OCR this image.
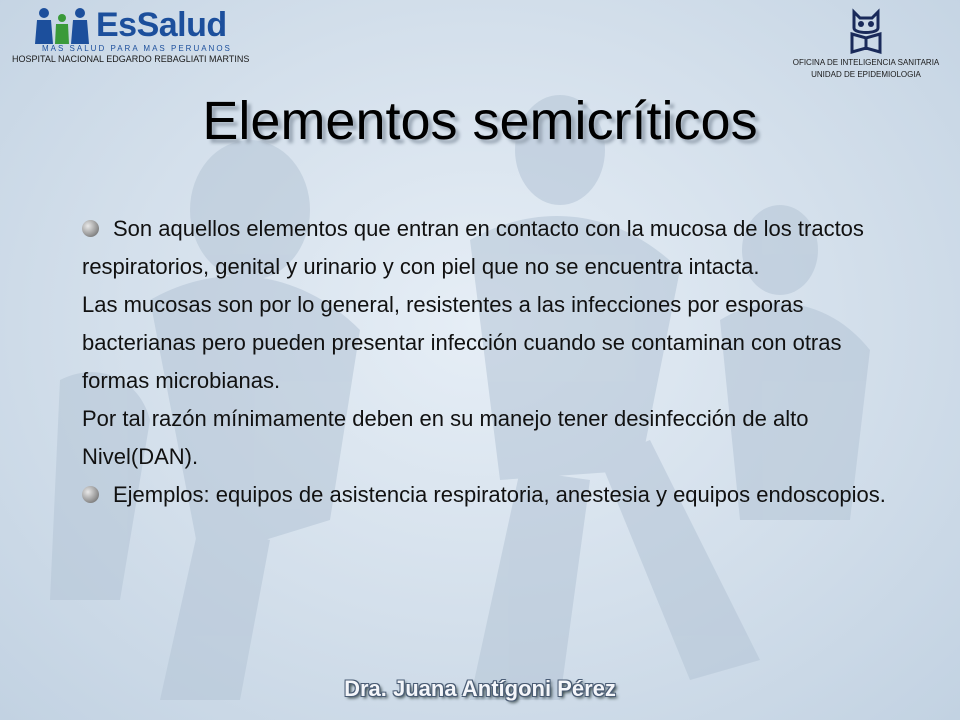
EsSalud
MAS SALUD PARA MAS PERUANOS
HOSPITAL NACIONAL EDGARDO REBAGLIATI MARTINS	OFICINA DE INTELIGENCIA SANITARIA
UNIDAD DE EPIDEMIOLOGIA
Elementos semicríticos

Son aquellos elementos que entran en contacto con la mucosa de los tractos respiratorios, genital y urinario y con piel que no se encuentra intacta.

Las mucosas son por lo general, resistentes a las infecciones por esporas bacterianas pero pueden presentar infección cuando se contaminan con otras formas microbianas.

Por tal razón mínimamente deben en su manejo tener desinfección de alto Nivel(DAN).

Ejemplos: equipos de asistencia respiratoria, anestesia y equipos endoscopios.

Dra. Juana Antígoni Pérez
